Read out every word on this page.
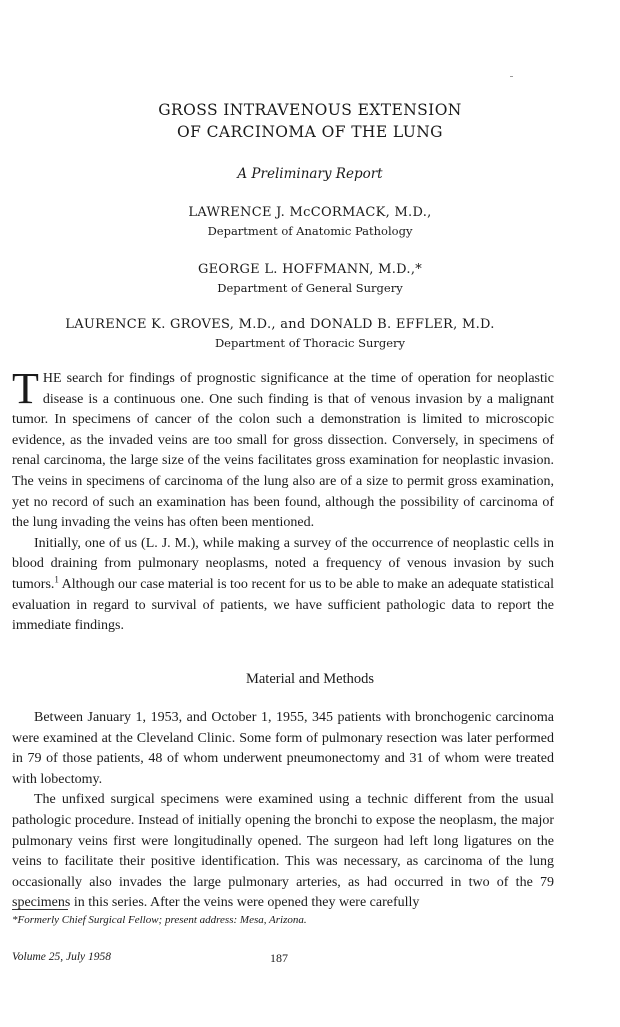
GROSS INTRAVENOUS EXTENSION
OF CARCINOMA OF THE LUNG
A Preliminary Report
LAWRENCE J. McCORMACK, M.D.,
Department of Anatomic Pathology
GEORGE L. HOFFMANN, M.D.,*
Department of General Surgery
LAURENCE K. GROVES, M.D., and DONALD B. EFFLER, M.D.
Department of Thoracic Surgery

THE search for findings of prognostic significance at the time of operation for neoplastic disease is a continuous one. One such finding is that of venous invasion by a malignant tumor. In specimens of cancer of the colon such a demonstration is limited to microscopic evidence, as the invaded veins are too small for gross dissection. Conversely, in specimens of renal carcinoma, the large size of the veins facilitates gross examination for neoplastic invasion. The veins in specimens of carcinoma of the lung also are of a size to permit gross examination, yet no record of such an examination has been found, although the possibility of carcinoma of the lung invading the veins has often been mentioned.

Initially, one of us (L. J. M.), while making a survey of the occurrence of neoplastic cells in blood draining from pulmonary neoplasms, noted a frequency of venous invasion by such tumors.$^1$ Although our case material is too recent for us to be able to make an adequate statistical evaluation in regard to survival of patients, we have sufficient pathologic data to report the immediate findings.

Material and Methods

Between January 1, 1953, and October 1, 1955, 345 patients with bronchogenic carcinoma were examined at the Cleveland Clinic. Some form of pulmonary resection was later performed in 79 of those patients, 48 of whom underwent pneumonectomy and 31 of whom were treated with lobectomy.

The unfixed surgical specimens were examined using a technic different from the usual pathologic procedure. Instead of initially opening the bronchi to expose the neoplasm, the major pulmonary veins first were longitudinally opened. The surgeon had left long ligatures on the veins to facilitate their positive identification. This was necessary, as carcinoma of the lung occasionally also invades the large pulmonary arteries, as had occurred in two of the 79 specimens in this series. After the veins were opened they were carefully

*Formerly Chief Surgical Fellow; present address: Mesa, Arizona.
Volume 25, July 1958	187
